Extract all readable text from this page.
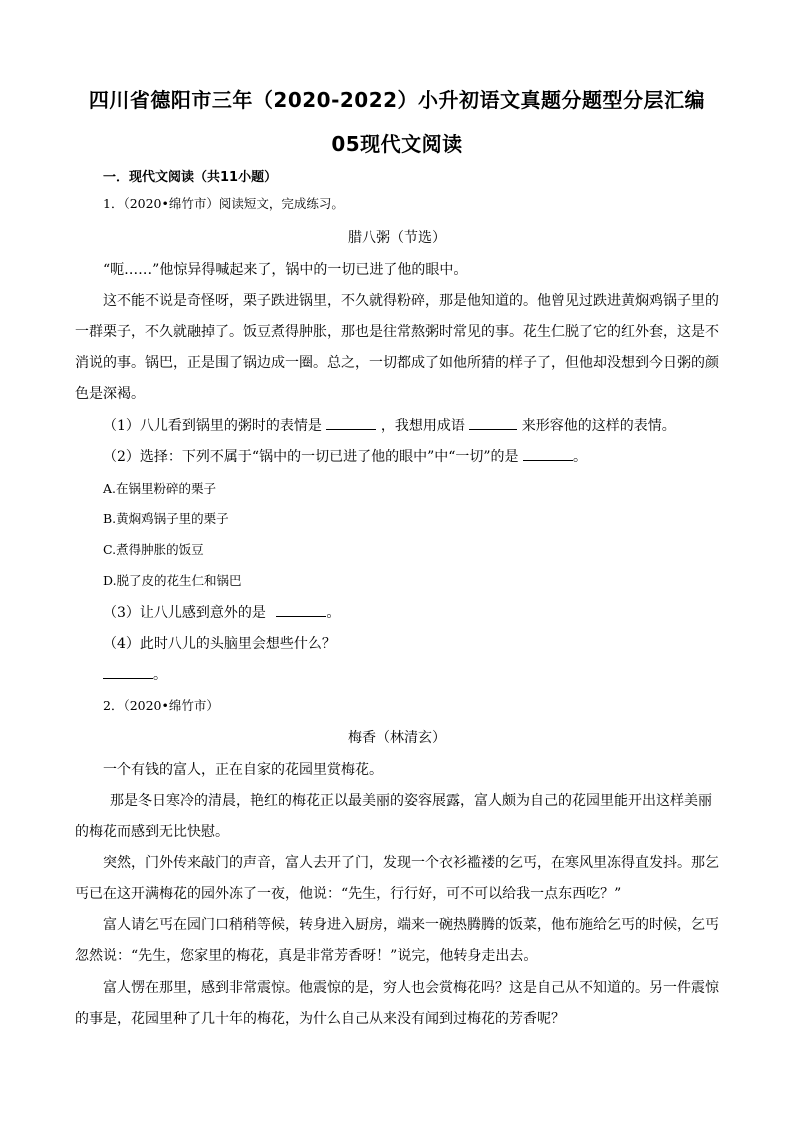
四川省德阳市三年（2020-2022）小升初语文真题分题型分层汇编
05现代文阅读
一．现代文阅读（共11小题）
1．（2020•绵竹市）阅读短文，完成练习。
腊八粥（节选）
“呃……”他惊异得喊起来了，锅中的一切已进了他的眼中。
这不能不说是奇怪呀，栗子跌进锅里，不久就得粉碎，那是他知道的。他曾见过跌进黄焖鸡锅子里的
一群栗子，不久就融掉了。饭豆煮得肿胀，那也是往常熬粥时常见的事。花生仁脱了它的红外套，这是不
消说的事。锅巴，正是围了锅边成一圈。总之，一切都成了如他所猜的样子了，但他却没想到今日粥的颜
色是深褐。
（1）八儿看到锅里的粥时的表情是	，我想用成语	来形容他的这样的表情。
（2）选择：下列不属于“锅中的一切已进了他的眼中”中“一切”的是	。
A.在锅里粉碎的栗子
B.黄焖鸡锅子里的栗子
C.煮得肿胀的饭豆
D.脱了皮的花生仁和锅巴
（3）让八儿感到意外的是	。
（4）此时八儿的头脑里会想些什么？
。
2．（2020•绵竹市）
梅香（林清玄）
一个有钱的富人，正在自家的花园里赏梅花。
那是冬日寒冷的清晨，艳红的梅花正以最美丽的姿容展露，富人颇为自己的花园里能开出这样美丽
的梅花而感到无比快慰。
突然，门外传来敲门的声音，富人去开了门，发现一个衣衫褴褛的乞丐，在寒风里冻得直发抖。那乞
丐已在这开满梅花的园外冻了一夜，他说：“先生，行行好，可不可以给我一点东西吃？”
富人请乞丐在园门口稍稍等候，转身进入厨房，端来一碗热腾腾的饭菜，他布施给乞丐的时候，乞丐
忽然说：“先生，您家里的梅花，真是非常芳香呀！”说完，他转身走出去。
富人愣在那里，感到非常震惊。他震惊的是，穷人也会赏梅花吗？这是自己从不知道的。另一件震惊
的事是，花园里种了几十年的梅花，为什么自己从来没有闻到过梅花的芳香呢？
